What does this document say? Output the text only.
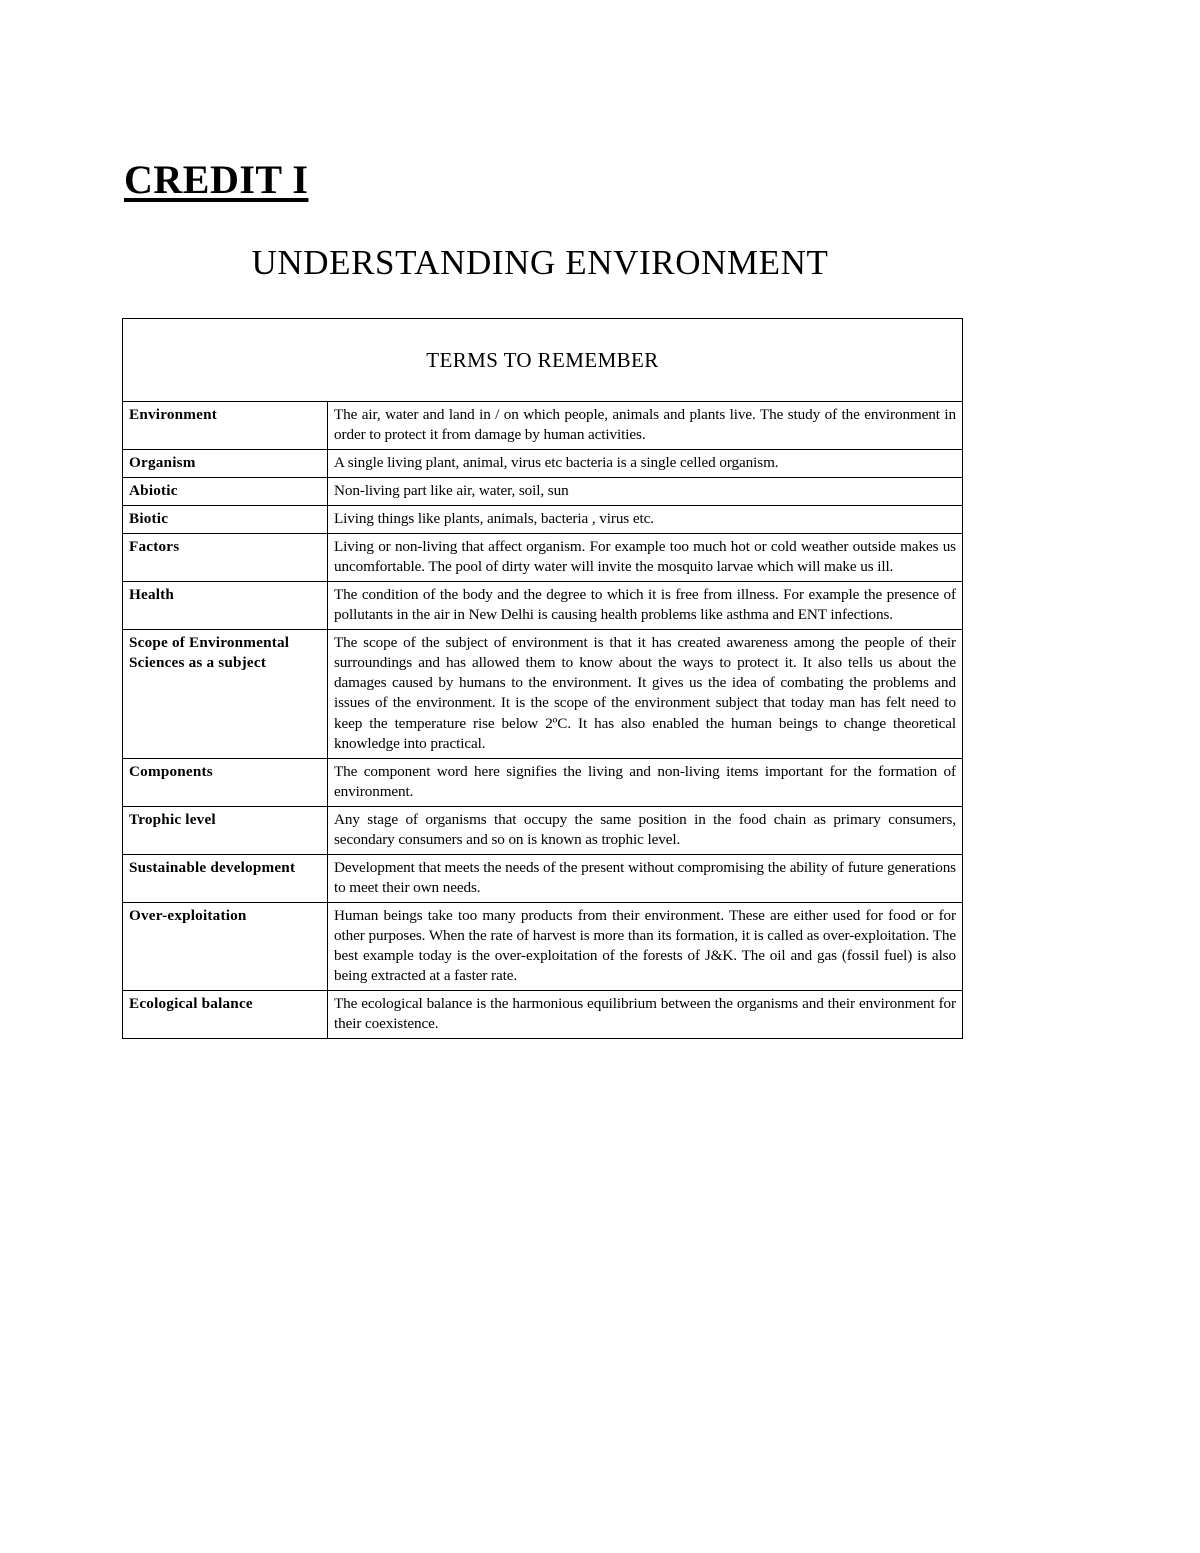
CREDIT I
UNDERSTANDING ENVIRONMENT
TERMS TO REMEMBER	
Environment	The air, water and land in / on which people, animals and plants live. The study of the environment in order to protect it from damage by human activities.
Organism	A single living plant, animal, virus etc bacteria is a single celled organism.
Abiotic	Non-living part like air, water, soil, sun
Biotic	Living things like plants, animals, bacteria , virus etc.
Factors	Living or non-living that affect organism. For example too much hot or cold weather outside makes us uncomfortable. The pool of dirty water will invite the mosquito larvae which will make us ill.
Health	The condition of the body and the degree to which it is free from illness. For example the presence of pollutants in the air in New Delhi is causing health problems like asthma and ENT infections.
Scope of Environmental Sciences as a subject	The scope of the subject of environment is that it has created awareness among the people of their surroundings and has allowed them to know about the ways to protect it. It also tells us about the damages caused by humans to the environment. It gives us the idea of combating the problems and issues of the environment. It is the scope of the environment subject that today man has felt need to keep the temperature rise below 2ºC. It has also enabled the human beings to change theoretical knowledge into practical.
Components	The component word here signifies the living and non-living items important for the formation of environment.
Trophic level	Any stage of organisms that occupy the same position in the food chain as primary consumers, secondary consumers and so on is known as trophic level.
Sustainable development	Development that meets the needs of the present without compromising the ability of future generations to meet their own needs.
Over-exploitation	Human beings take too many products from their environment. These are either used for food or for other purposes. When the rate of harvest is more than its formation, it is called as over-exploitation. The best example today is the over-exploitation of the forests of J&K. The oil and gas (fossil fuel) is also being extracted at a faster rate.
Ecological balance	The ecological balance is the harmonious equilibrium between the organisms and their environment for their coexistence.
